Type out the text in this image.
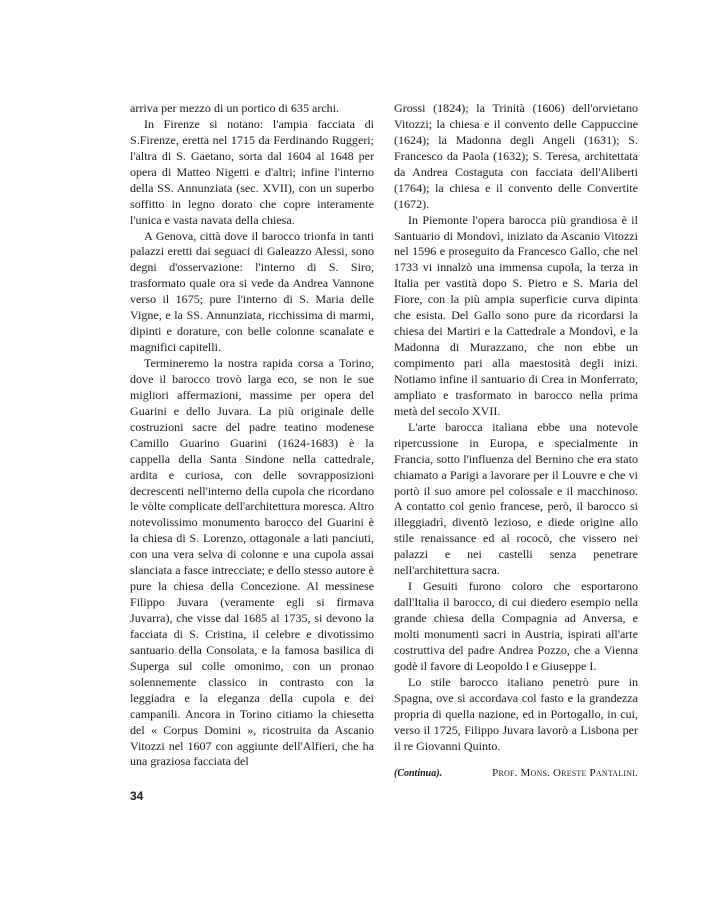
arriva per mezzo di un portico di 635 archi.

In Firenze si notano: l'ampia facciata di S.Firenze, eretta nel 1715 da Ferdinando Ruggeri; l'altra di S. Gaetano, sorta dal 1604 al 1648 per opera di Matteo Nigetti e d'altri; infine l'interno della SS. Annunziata (sec. XVII), con un superbo soffitto in legno dorato che copre interamente l'unica e vasta navata della chiesa.

A Genova, città dove il barocco trionfa in tanti palazzi eretti dai seguaci di Galeazzo Alessi, sono degni d'osservazione: l'interno di S. Siro, trasformato quale ora si vede da Andrea Vannone verso il 1675; pure l'interno di S. Maria delle Vigne, e la SS. Annunziata, ricchissima di marmi, dipinti e dorature, con belle colonne scanalate e magnifici capitelli.

Termineremo la nostra rapida corsa a Torino, dove il barocco trovò larga eco, se non le sue migliori affermazioni, massime per opera del Guarini e dello Juvara. La più originale delle costruzioni sacre del padre teatino modenese Camillo Guarino Guarini (1624-1683) è la cappella della Santa Sindone nella cattedrale, ardita e curiosa, con delle sovrapposizioni decrescenti nell'interno della cupola che ricordano le vòlte complicate dell'architettura moresca. Altro notevolissimo monumento barocco del Guarini è la chiesa di S. Lorenzo, ottagonale a lati panciuti, con una vera selva di colonne e una cupola assai slanciata a fasce intrecciate; e dello stesso autore è pure la chiesa della Concezione. Al messinese Filippo Juvara (veramente egli si firmava Juvarra), che visse dal 1685 al 1735, si devono la facciata di S. Cristina, il celebre e divotissimo santuario della Consolata, e la famosa basilica di Superga sul colle omonimo, con un pronao solennemente classico in contrasto con la leggiadra e la eleganza della cupola e dei campanili. Ancora in Torino citiamo la chiesetta del « Corpus Domini », ricostruita da Ascanio Vitozzi nel 1607 con aggiunte dell'Alfieri, che ha una graziosa facciata del

Grossi (1824); la Trinità (1606) dell'orvietano Vitozzi; la chiesa e il convento delle Cappuccine (1624); la Madonna degli Angeli (1631); S. Francesco da Paola (1632); S. Teresa, architettata da Andrea Costaguta con facciata dell'Aliberti (1764); la chiesa e il convento delle Convertite (1672).

In Piemonte l'opera barocca più grandiosa è il Santuario di Mondovì, iniziato da Ascanio Vitozzi nel 1596 e proseguito da Francesco Gallo, che nel 1733 vi innalzò una immensa cupola, la terza in Italia per vastità dopo S. Pietro e S. Maria del Fiore, con la più ampia superficie curva dipinta che esista. Del Gallo sono pure da ricordarsi la chiesa dei Martiri e la Cattedrale a Mondovì, e la Madonna di Murazzano, che non ebbe un compimento pari alla maestosità degli inizi. Notiamo infine il santuario di Crea in Monferrato, ampliato e trasformato in barocco nella prima metà del secolo XVII.

L'arte barocca italiana ebbe una notevole ripercussione in Europa, e specialmente in Francia, sotto l'influenza del Bernino che era stato chiamato a Parigi a lavorare per il Louvre e che vi portò il suo amore pel colossale e il macchinoso. A contatto col genio francese, però, il barocco si illeggiadrì, diventò lezioso, e diede origine allo stile renaissance ed al rococò, che vissero nei palazzi e nei castelli senza penetrare nell'architettura sacra.

I Gesuiti furono coloro che esportarono dall'Italia il barocco, di cui diedero esempio nella grande chiesa della Compagnia ad Anversa, e molti monumenti sacri in Austria, ispirati all'arte costruttiva del padre Andrea Pozzo, che a Vienna godè il favore di Leopoldo I e Giuseppe I.

Lo stile barocco italiano penetrò pure in Spagna, ove si accordava col fasto e la grandezza propria di quella nazione, ed in Portogallo, in cui, verso il 1725, Filippo Juvara lavorò a Lisbona per il re Giovanni Quinto.

(Continua).	Prof. Mons. Oreste Pantalini.
34
